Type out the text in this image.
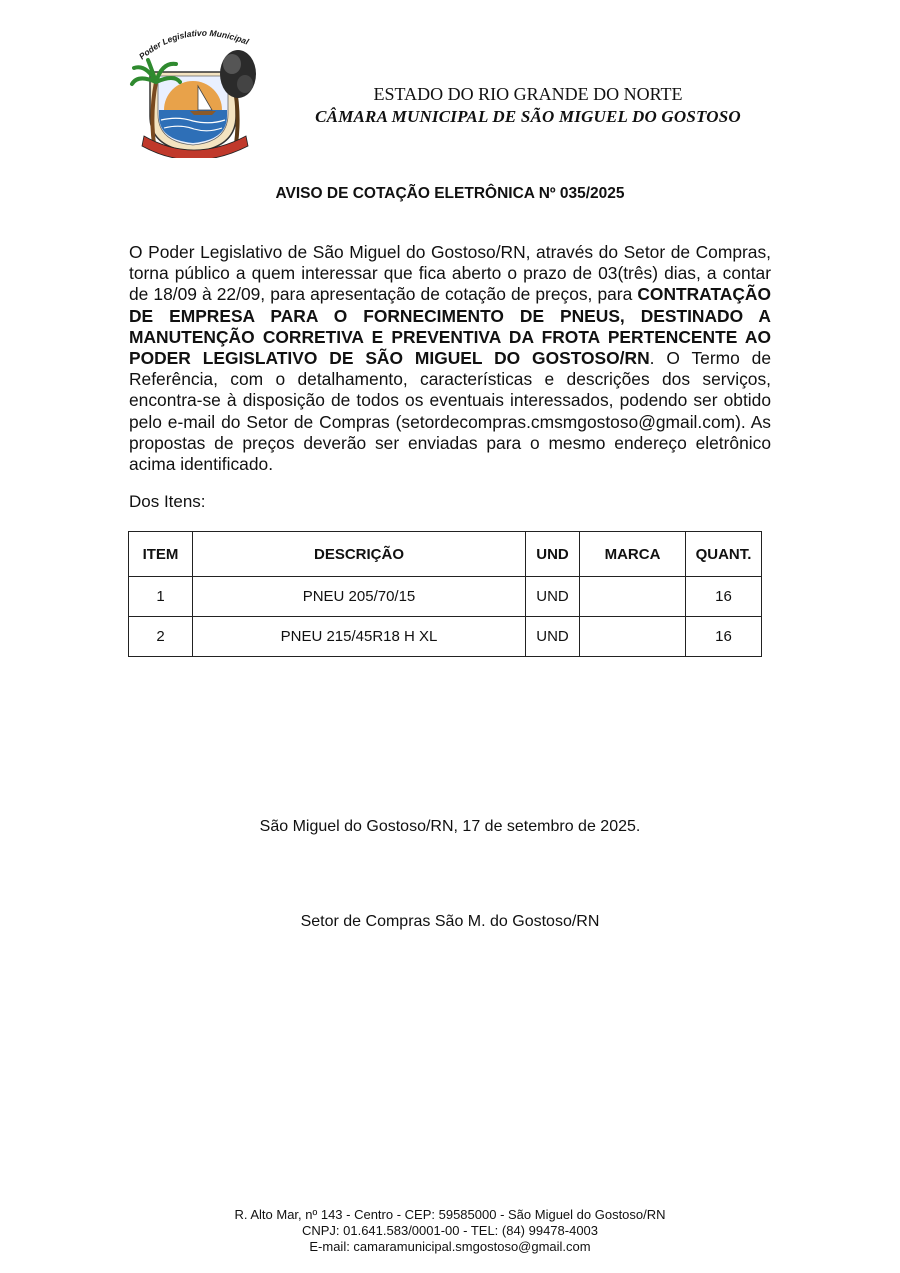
Poder Legislativo Municipal
ESTADO DO RIO GRANDE DO NORTE
CÂMARA MUNICIPAL DE SÃO MIGUEL DO GOSTOSO
AVISO DE COTAÇÃO ELETRÔNICA Nº 035/2025

O Poder Legislativo de São Miguel do Gostoso/RN, através do Setor de Compras, torna público a quem interessar que fica aberto o prazo de 03(três) dias, a contar de 18/09 à 22/09, para apresentação de cotação de preços, para CONTRATAÇÃO DE EMPRESA PARA O FORNECIMENTO DE PNEUS, DESTINADO A MANUTENÇÃO CORRETIVA E PREVENTIVA DA FROTA PERTENCENTE AO PODER LEGISLATIVO DE SÃO MIGUEL DO GOSTOSO/RN. O Termo de Referência, com o detalhamento, características e descrições dos serviços, encontra-se à disposição de todos os eventuais interessados, podendo ser obtido pelo e-mail do Setor de Compras (setordecompras.cmsmgostoso@gmail.com). As propostas de preços deverão ser enviadas para o mesmo endereço eletrônico acima identificado.

Dos Itens:
ITEM	DESCRIÇÃO	UND	MARCA	QUANT.
1	PNEU 205/70/15	UND		16
2	PNEU 215/45R18 H XL	UND		16
São Miguel do Gostoso/RN, 17 de setembro de 2025.
Setor de Compras São M. do Gostoso/RN
R. Alto Mar, nº 143 - Centro - CEP: 59585000 - São Miguel do Gostoso/RN
CNPJ: 01.641.583/0001-00 - TEL: (84) 99478-4003
E-mail: camaramunicipal.smgostoso@gmail.com
